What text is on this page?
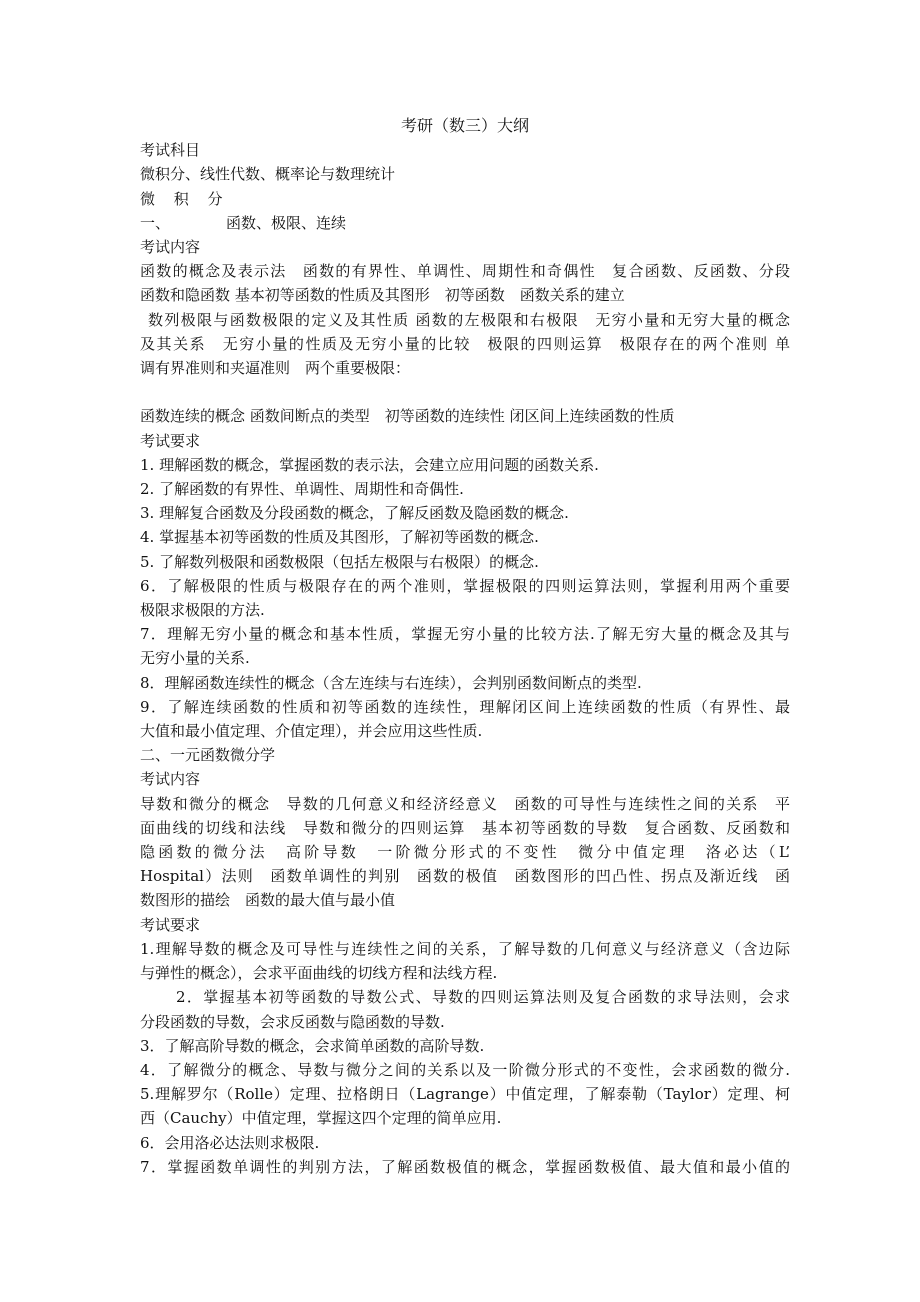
考研（数三）大纲
考试科目
微积分、线性代数、概率论与数理统计
微 积 分
一、	函数、极限、连续
考试内容
函数的概念及表示法　函数的有界性、单调性、周期性和奇偶性　复合函数、反函数、分段
函数和隐函数 基本初等函数的性质及其图形　初等函数　函数关系的建立
数列极限与函数极限的定义及其性质 函数的左极限和右极限　无穷小量和无穷大量的概念
及其关系　无穷小量的性质及无穷小量的比较　极限的四则运算　极限存在的两个准则 单
调有界准则和夹逼准则　两个重要极限：
函数连续的概念 函数间断点的类型　初等函数的连续性 闭区间上连续函数的性质
考试要求
1. 理解函数的概念，掌握函数的表示法，会建立应用问题的函数关系.
2. 了解函数的有界性、单调性、周期性和奇偶性.
3. 理解复合函数及分段函数的概念，了解反函数及隐函数的概念.
4. 掌握基本初等函数的性质及其图形，了解初等函数的概念.
5. 了解数列极限和函数极限（包括左极限与右极限）的概念.
6．了解极限的性质与极限存在的两个准则，掌握极限的四则运算法则，掌握利用两个重要
极限求极限的方法.
7．理解无穷小量的概念和基本性质，掌握无穷小量的比较方法.了解无穷大量的概念及其与
无穷小量的关系.
8．理解函数连续性的概念（含左连续与右连续），会判别函数间断点的类型.
9．了解连续函数的性质和初等函数的连续性，理解闭区间上连续函数的性质（有界性、最
大值和最小值定理、介值定理），并会应用这些性质.
二、一元函数微分学
考试内容
导数和微分的概念　导数的几何意义和经济经意义　函数的可导性与连续性之间的关系　平
面曲线的切线和法线　导数和微分的四则运算　基本初等函数的导数　复合函数、反函数和
隐函数的微分法　高阶导数　一阶微分形式的不变性　微分中值定理　洛必达（L’
Hospital）法则　函数单调性的判别　函数的极值　函数图形的凹凸性、拐点及渐近线　函
数图形的描绘　函数的最大值与最小值
考试要求
1.理解导数的概念及可导性与连续性之间的关系，了解导数的几何意义与经济意义（含边际
与弹性的概念），会求平面曲线的切线方程和法线方程.
2．掌握基本初等函数的导数公式、导数的四则运算法则及复合函数的求导法则，会求
分段函数的导数，会求反函数与隐函数的导数.
3．了解高阶导数的概念，会求简单函数的高阶导数.
4．了解微分的概念、导数与微分之间的关系以及一阶微分形式的不变性，会求函数的微分.
5.理解罗尔（Rolle）定理、拉格朗日（Lagrange）中值定理，了解泰勒（Taylor）定理、柯
西（Cauchy）中值定理，掌握这四个定理的简单应用.
6．会用洛必达法则求极限.
7．掌握函数单调性的判别方法，了解函数极值的概念，掌握函数极值、最大值和最小值的
